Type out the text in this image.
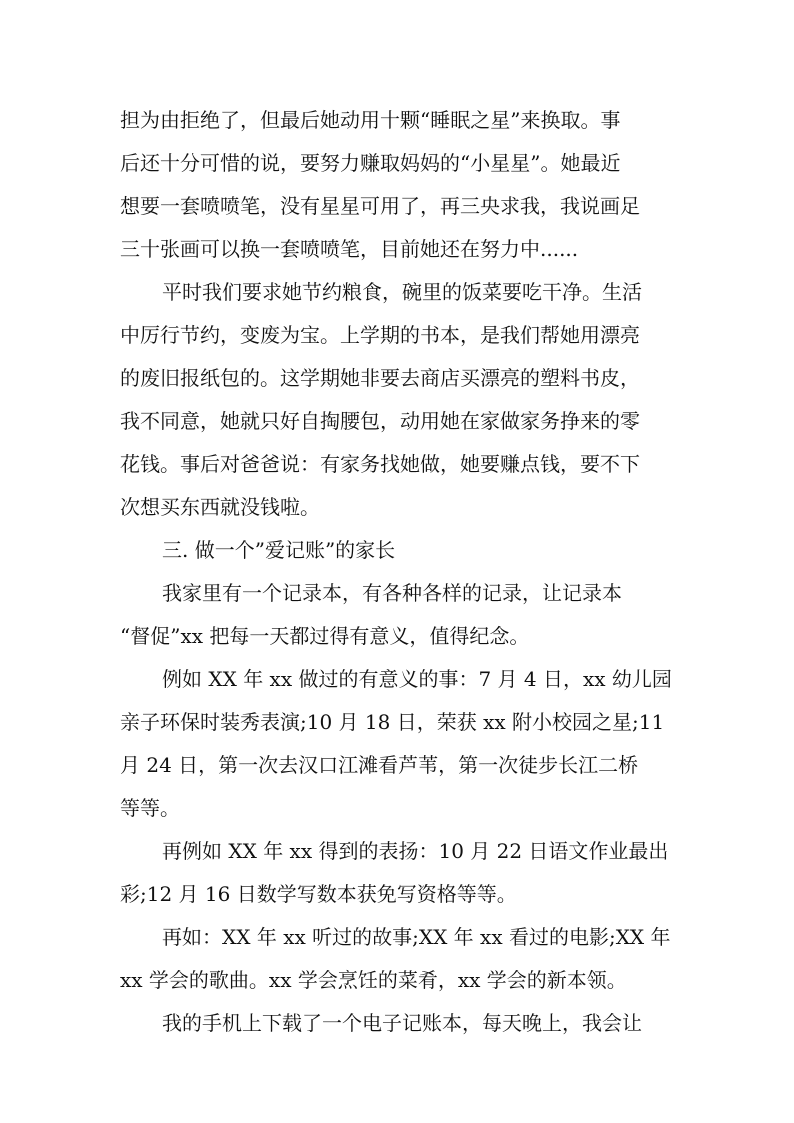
担为由拒绝了，但最后她动用十颗“睡眠之星”来换取。事
后还十分可惜的说，要努力赚取妈妈的“小星星”。她最近
想要一套喷喷笔，没有星星可用了，再三央求我，我说画足
三十张画可以换一套喷喷笔，目前她还在努力中......
平时我们要求她节约粮食，碗里的饭菜要吃干净。生活
中厉行节约，变废为宝。上学期的书本，是我们帮她用漂亮
的废旧报纸包的。这学期她非要去商店买漂亮的塑料书皮，
我不同意，她就只好自掏腰包，动用她在家做家务挣来的零
花钱。事后对爸爸说：有家务找她做，她要赚点钱，要不下
次想买东西就没钱啦。
三. 做一个”爱记账”的家长
我家里有一个记录本，有各种各样的记录，让记录本
“督促”xx 把每一天都过得有意义，值得纪念。
例如 XX 年 xx 做过的有意义的事：7 月 4 日，xx 幼儿园
亲子环保时装秀表演;10 月 18 日，荣获 xx 附小校园之星;11
月 24 日，第一次去汉口江滩看芦苇，第一次徒步长江二桥
等等。
再例如 XX 年 xx 得到的表扬：10 月 22 日语文作业最出
彩;12 月 16 日数学写数本获免写资格等等。
再如：XX 年 xx 听过的故事;XX 年 xx 看过的电影;XX 年
xx 学会的歌曲。xx 学会烹饪的菜肴，xx 学会的新本领。
我的手机上下载了一个电子记账本，每天晚上，我会让
